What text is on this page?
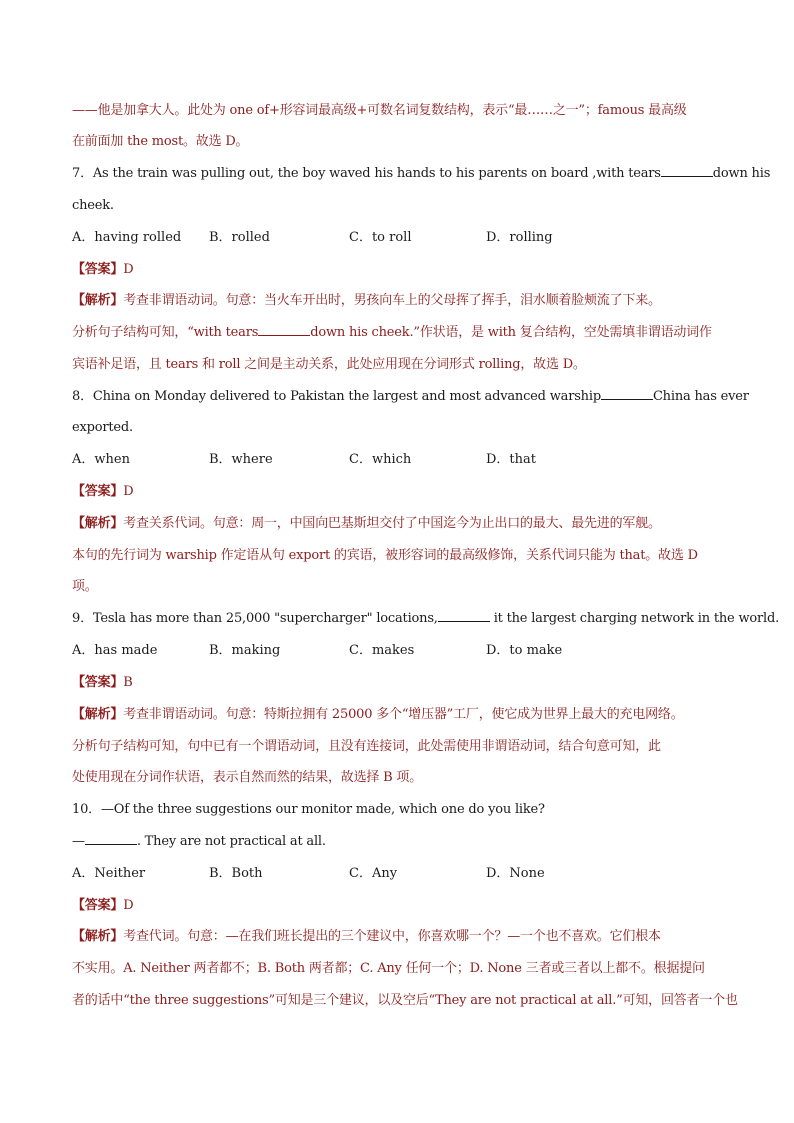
——他是加拿大人。此处为 one of+形容词最高级+可数名词复数结构，表示“最……之一”；famous 最高级
在前面加 the most。故选 D。
7．As the train was pulling out, the boy waved his hands to his parents on board ,with tears	down his
cheek.
A．having rolled B．rolled	C．to roll	D．rolling
【答案】D
【解析】考查非谓语动词。句意：当火车开出时，男孩向车上的父母挥了挥手，泪水顺着脸颊流了下来。
分析句子结构可知，“with tears	down his cheek.”作状语，是 with 复合结构，空处需填非谓语动词作
宾语补足语，且 tears 和 roll 之间是主动关系，此处应用现在分词形式 rolling，故选 D。
8．China on Monday delivered to Pakistan the largest and most advanced warship	China has ever
exported.
A．when	B．where	C．which	D．that
【答案】D
【解析】考查关系代词。句意：周一，中国向巴基斯坦交付了中国迄今为止出口的最大、最先进的军舰。
本句的先行词为 warship 作定语从句 export 的宾语，被形容词的最高级修饰，关系代词只能为 that。故选 D
项。
9．Tesla has more than 25,000 "supercharger" locations,	it the largest charging network in the world.
A．has made	B．making	C．makes	D．to make
【答案】B
【解析】考查非谓语动词。句意：特斯拉拥有 25000 多个“增压器”工厂，使它成为世界上最大的充电网络。
分析句子结构可知，句中已有一个谓语动词，且没有连接词，此处需使用非谓语动词，结合句意可知，此
处使用现在分词作状语，表示自然而然的结果，故选择 B 项。
10．—Of the three suggestions our monitor made, which one do you like?
—	. They are not practical at all.
A．Neither	B．Both	C．Any	D．None
【答案】D
【解析】考查代词。句意：—在我们班长提出的三个建议中，你喜欢哪一个？—一个也不喜欢。它们根本
不实用。A. Neither 两者都不；B. Both 两者都；C. Any 任何一个；D. None 三者或三者以上都不。根据提问
者的话中“the three suggestions”可知是三个建议，以及空后“They are not practical at all.”可知，回答者一个也
